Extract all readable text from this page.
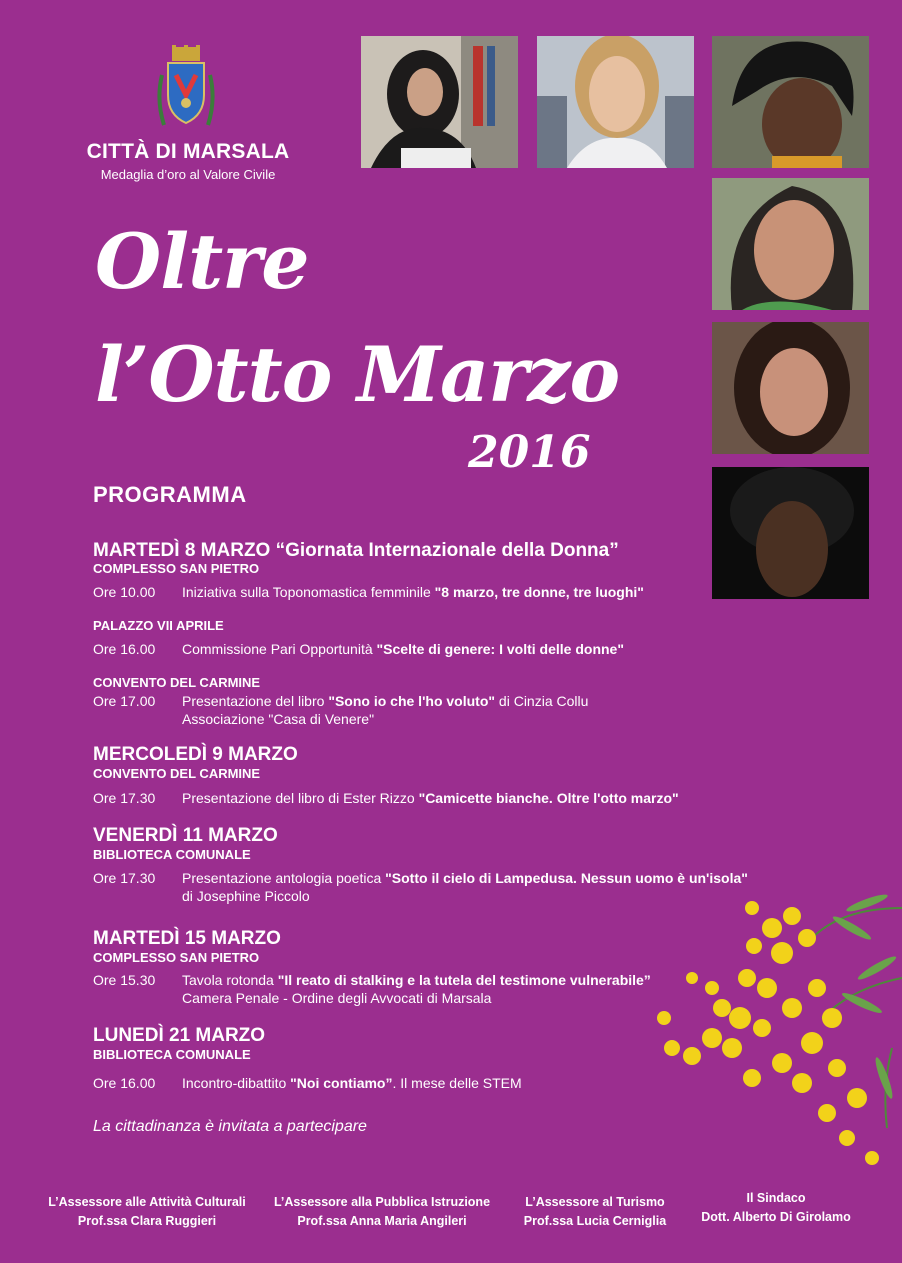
CITTÀ DI MARSALA
Medaglia d’oro al Valore Civile
Oltre
l’Otto Marzo
2016
PROGRAMMA
MARTEDÌ 8 MARZO “Giornata Internazionale della Donna”
COMPLESSO SAN PIETRO
Ore 10.00 Iniziativa sulla Toponomastica femminile "8 marzo, tre donne, tre luoghi"
PALAZZO VII APRILE
Ore 16.00 Commissione Pari Opportunità "Scelte di genere: I volti delle donne"
CONVENTO DEL CARMINE
Ore 17.00 Presentazione del libro "Sono io che l'ho voluto" di Cinzia Collu
Associazione "Casa di Venere"
MERCOLEDÌ 9 MARZO
CONVENTO DEL CARMINE
Ore 17.30 Presentazione del libro di Ester Rizzo "Camicette bianche. Oltre l'otto marzo"
VENERDÌ 11 MARZO
BIBLIOTECA COMUNALE
Ore 17.30 Presentazione antologia poetica "Sotto il cielo di Lampedusa. Nessun uomo è un'isola"
di Josephine Piccolo
MARTEDÌ 15 MARZO
COMPLESSO SAN PIETRO
Ore 15.30 Tavola rotonda "Il reato di stalking e la tutela del testimone vulnerabile”
Camera Penale - Ordine degli Avvocati di Marsala
LUNEDÌ 21 MARZO
BIBLIOTECA COMUNALE
Ore 16.00 Incontro-dibattito "Noi contiamo”. Il mese delle STEM
La cittadinanza è invitata a partecipare
L’Assessore alle Attività Culturali
Prof.ssa Clara Ruggieri
L’Assessore alla Pubblica Istruzione
Prof.ssa Anna Maria Angileri
L’Assessore al Turismo
Prof.ssa Lucia Cerniglia
Il Sindaco
Dott. Alberto Di Girolamo
